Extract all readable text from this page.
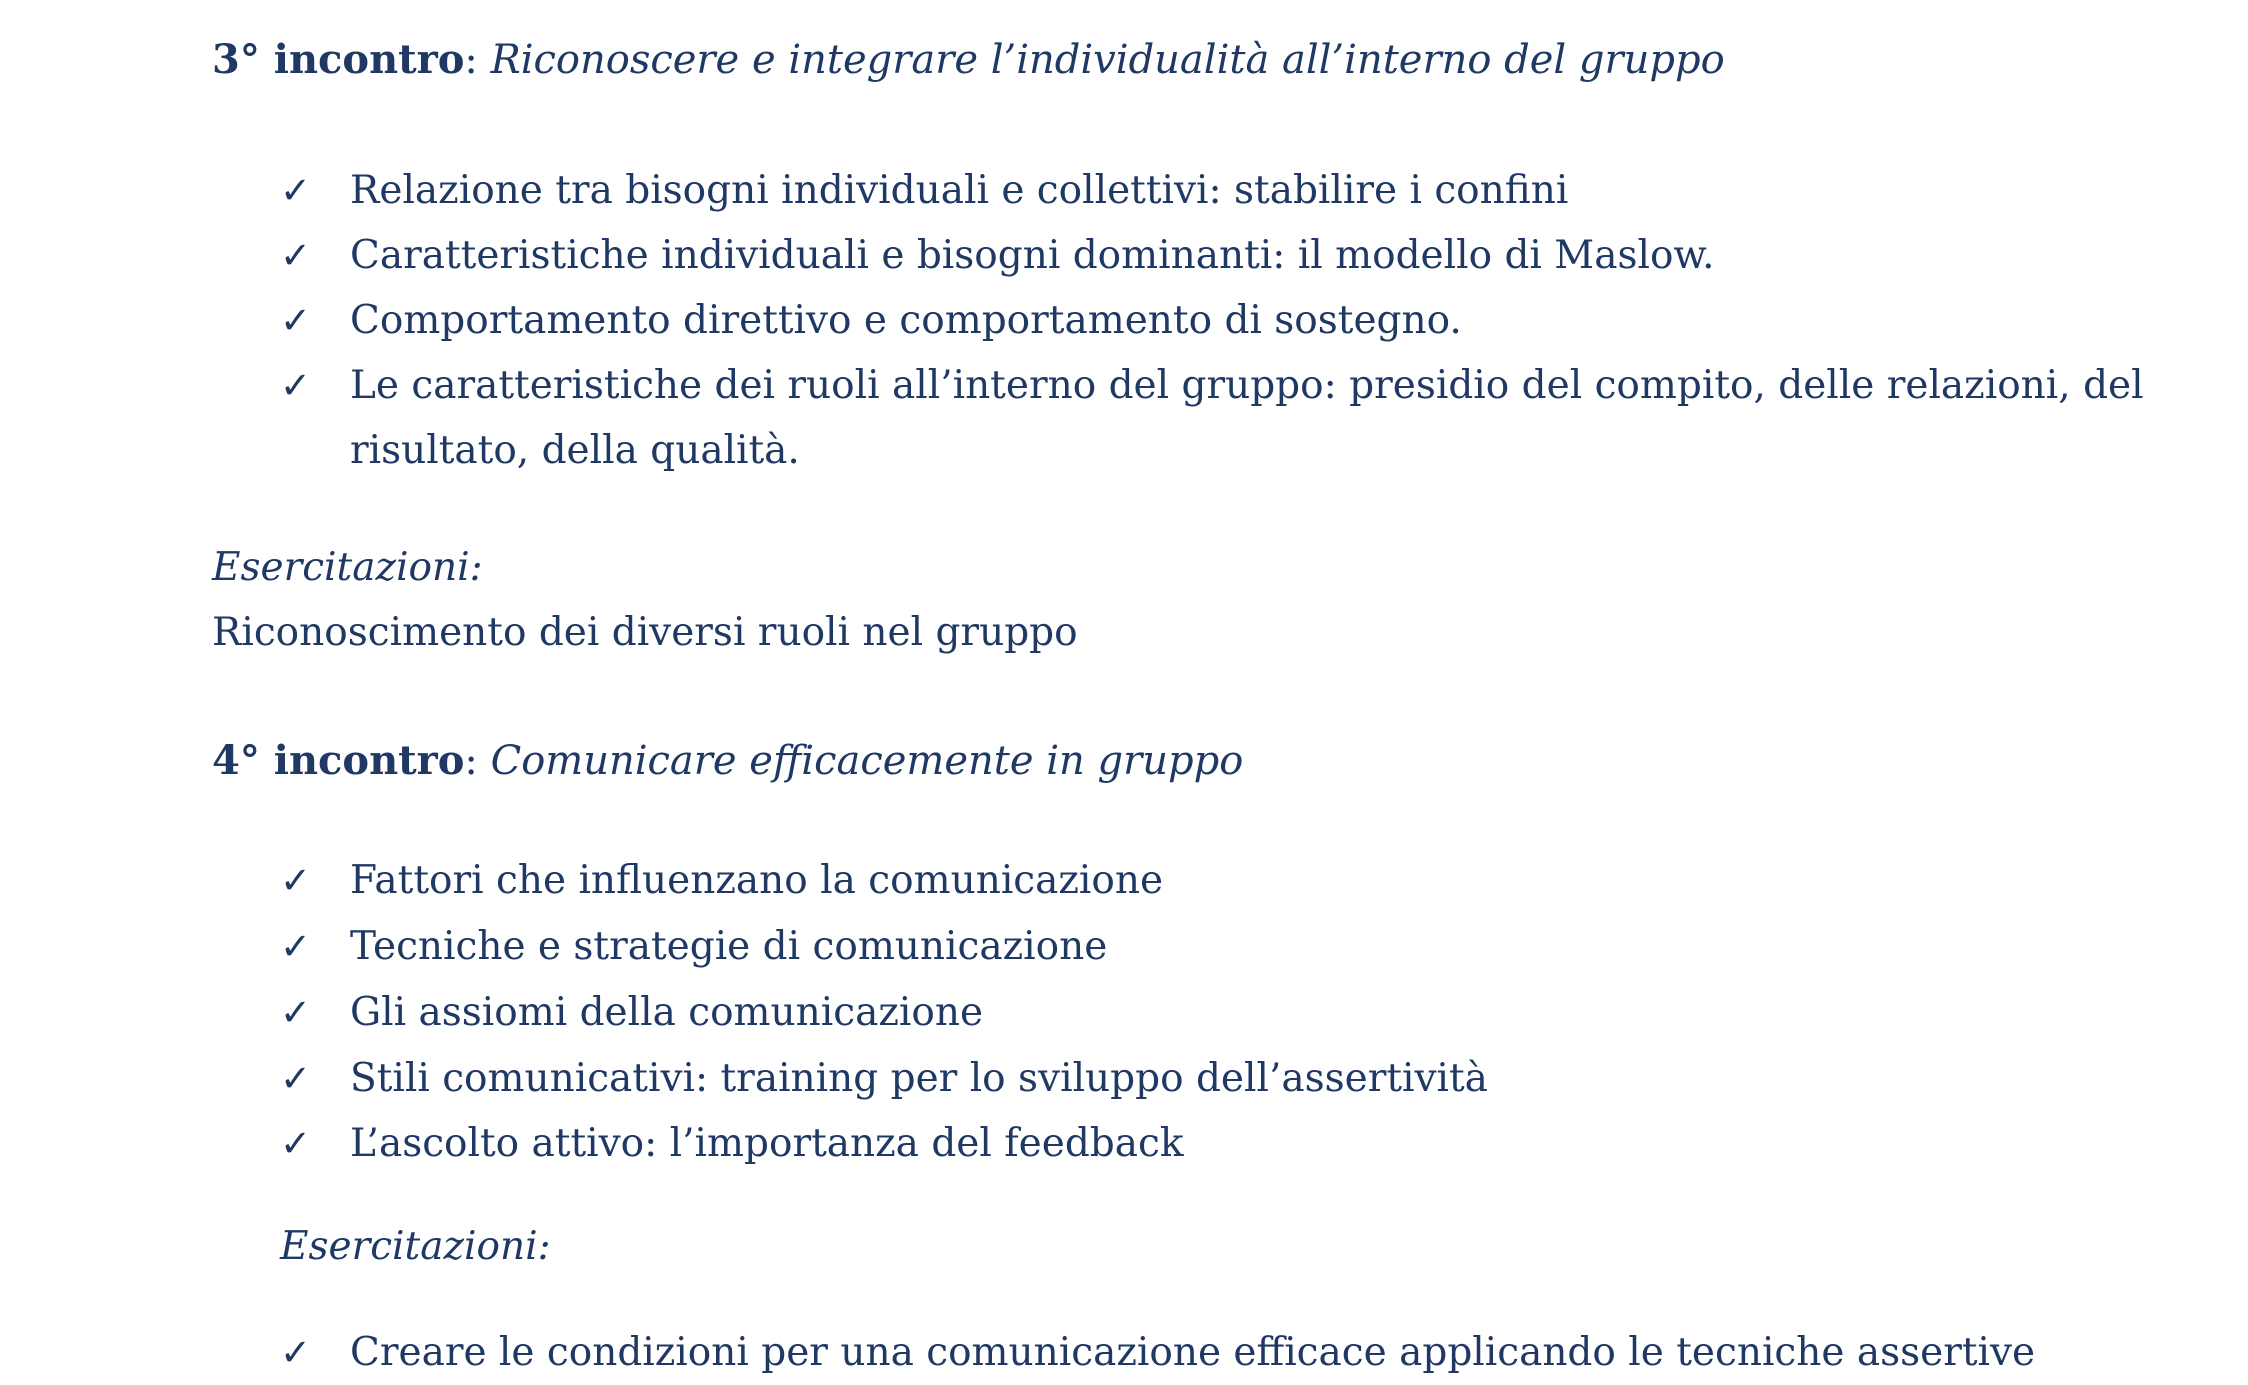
3° incontro: Riconoscere e integrare l’individualità all’interno del gruppo
✓ Relazione tra bisogni individuali e collettivi: stabilire i confini
✓ Caratteristiche individuali e bisogni dominanti: il modello di Maslow.
✓ Comportamento direttivo e comportamento di sostegno.
✓ Le caratteristiche dei ruoli all’interno del gruppo: presidio del compito, delle relazioni, del
risultato, della qualità.
Esercitazioni:
Riconoscimento dei diversi ruoli nel gruppo
4° incontro: Comunicare efficacemente in gruppo
✓ Fattori che influenzano la comunicazione
✓ Tecniche e strategie di comunicazione
✓ Gli assiomi della comunicazione
✓ Stili comunicativi: training per lo sviluppo dell’assertività
✓ L’ascolto attivo: l’importanza del feedback
Esercitazioni:
✓ Creare le condizioni per una comunicazione efficace applicando le tecniche assertive
